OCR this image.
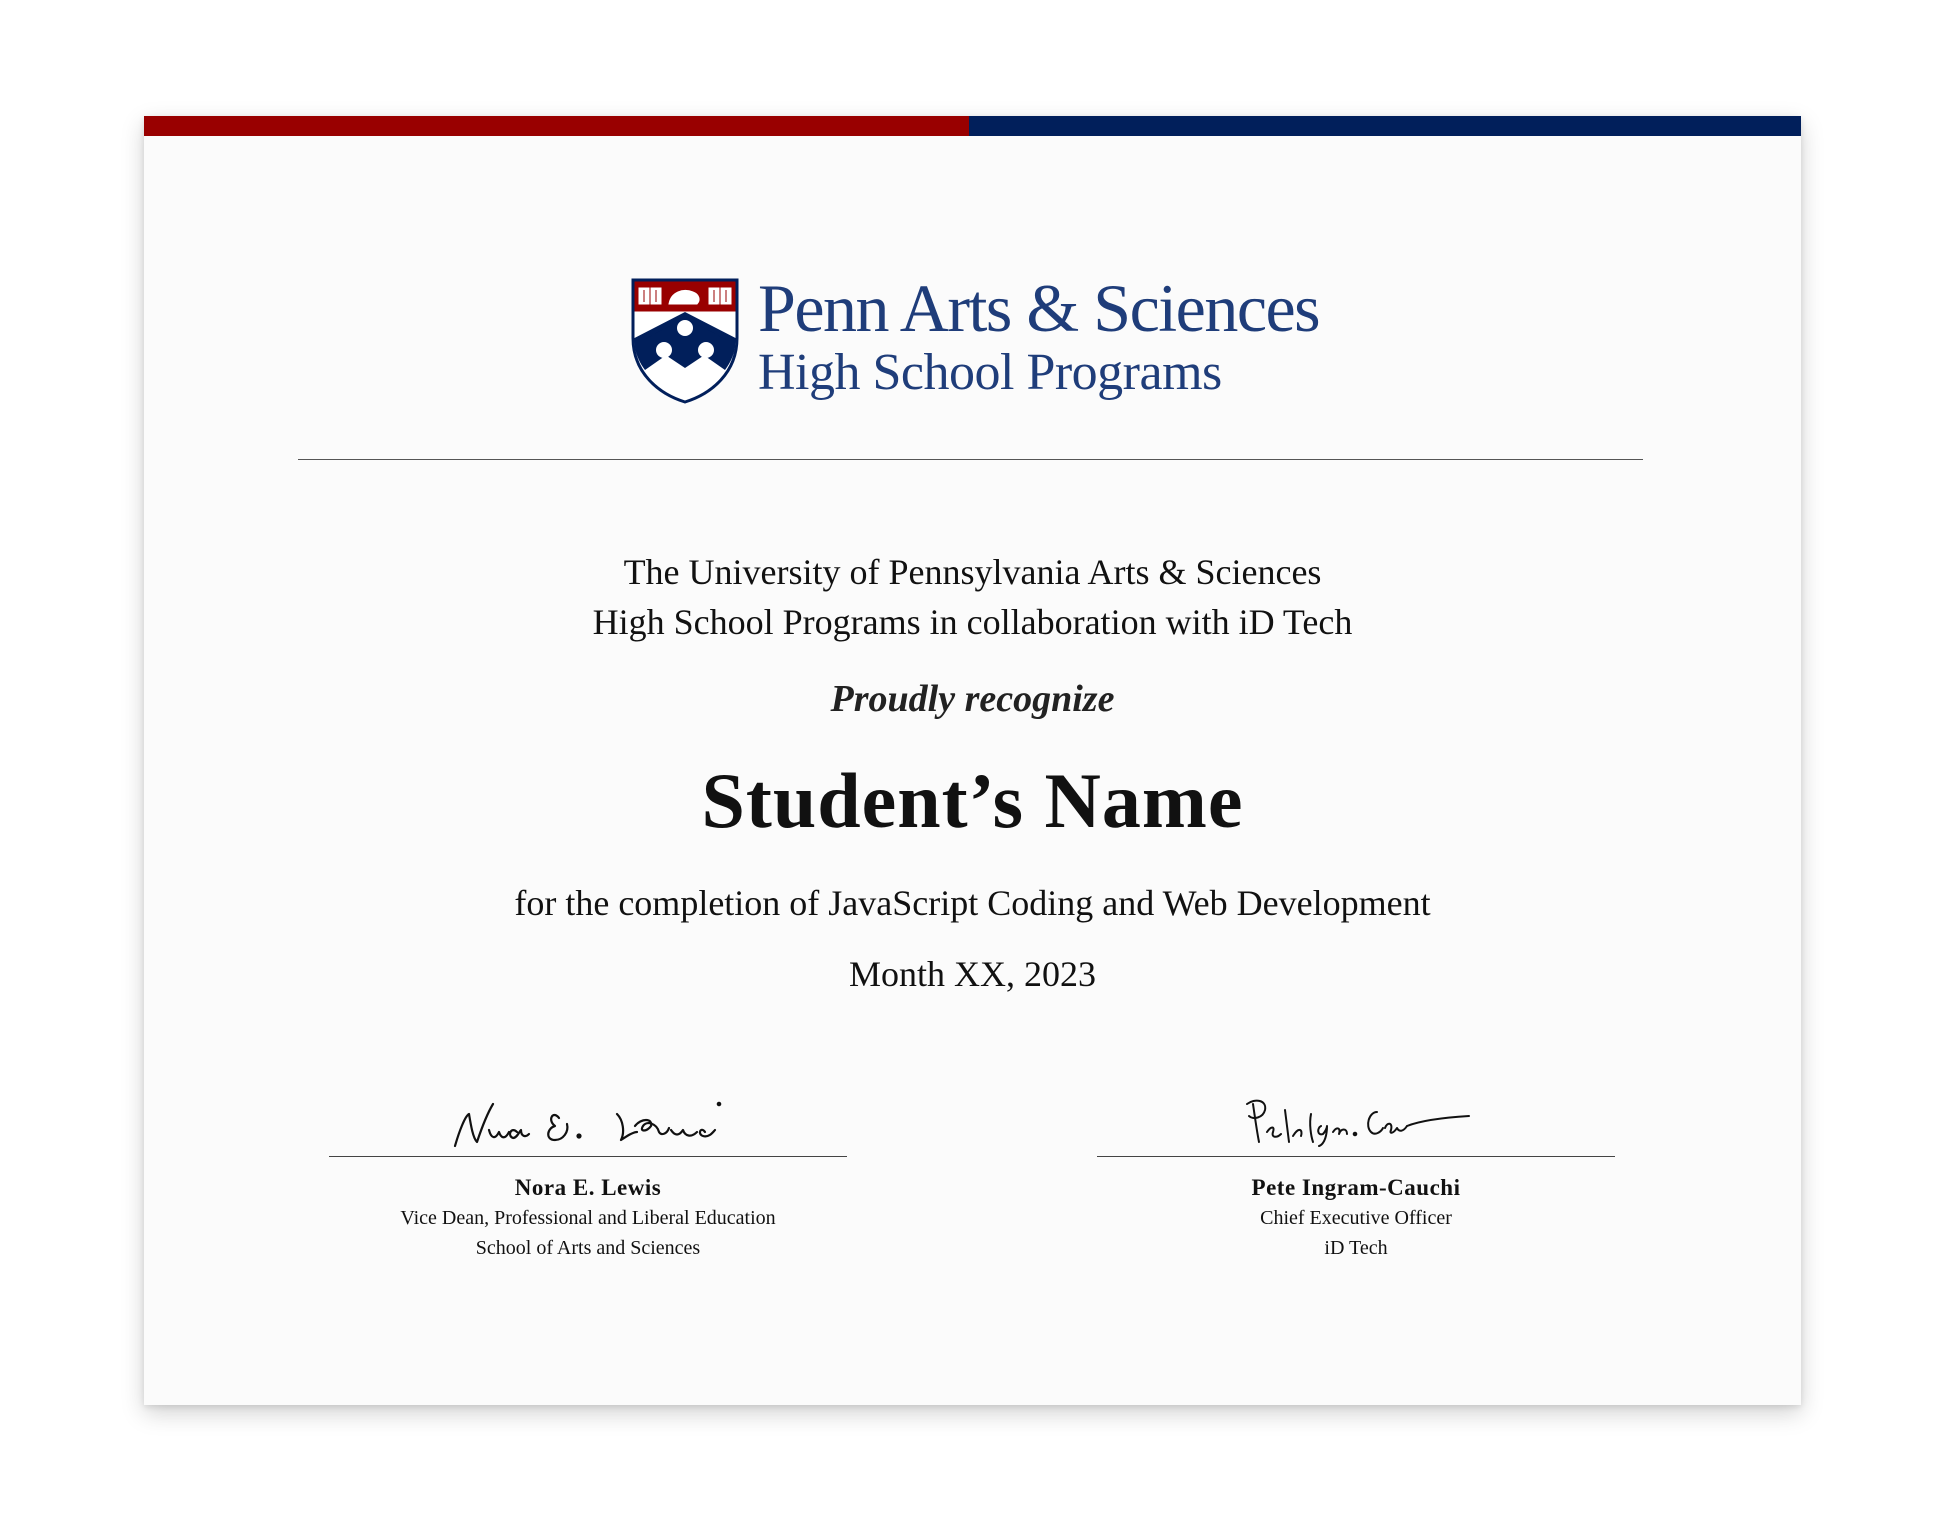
Penn Arts & Sciences
High School Programs
The University of Pennsylvania Arts & Sciences
High School Programs in collaboration with iD Tech
Proudly recognize
Student’s Name
for the completion of JavaScript Coding and Web Development
Month XX, 2023
Nora E. Lewis
Vice Dean, Professional and Liberal Education
School of Arts and Sciences
Pete Ingram-Cauchi
Chief Executive Officer
iD Tech
